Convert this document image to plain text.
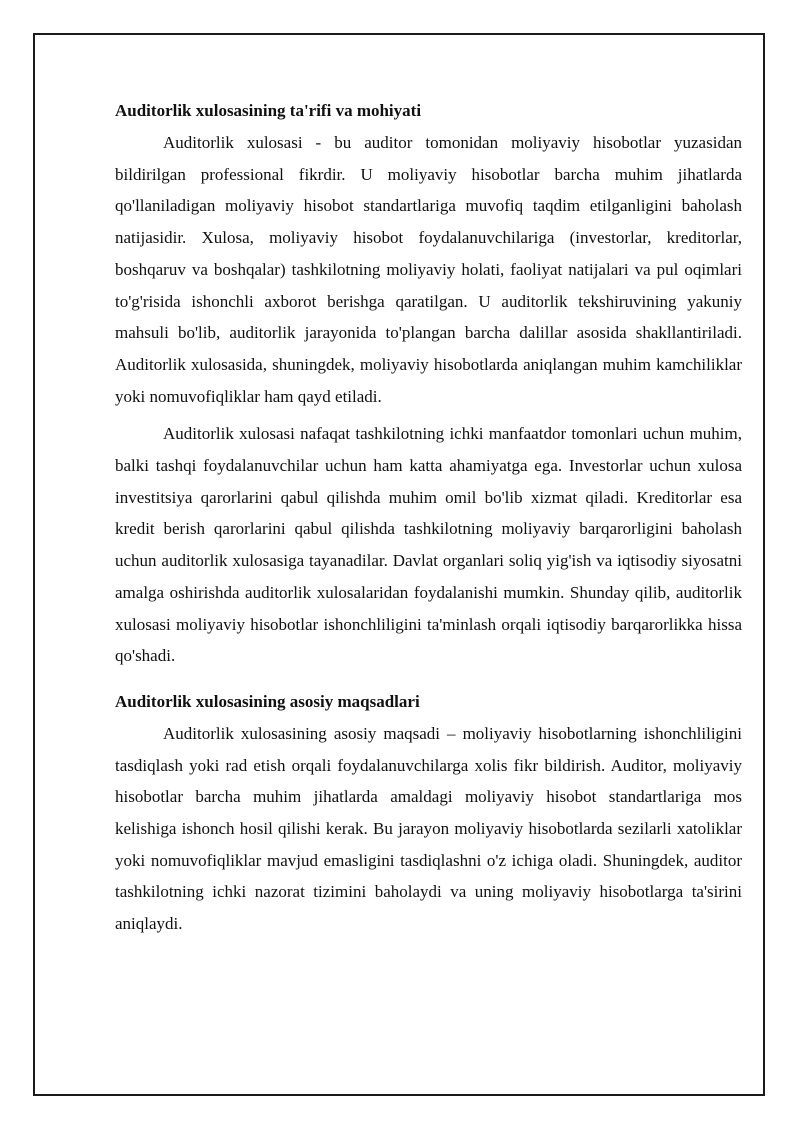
Auditorlik xulosasining ta'rifi va mohiyati

Auditorlik xulosasi - bu auditor tomonidan moliyaviy hisobotlar yuzasidan bildirilgan professional fikrdir. U moliyaviy hisobotlar barcha muhim jihatlarda qo'llaniladigan moliyaviy hisobot standartlariga muvofiq taqdim etilganligini baholash natijasidir. Xulosa, moliyaviy hisobot foydalanuvchilariga (investorlar, kreditorlar, boshqaruv va boshqalar) tashkilotning moliyaviy holati, faoliyat natijalari va pul oqimlari to'g'risida ishonchli axborot berishga qaratilgan. U auditorlik tekshiruvining yakuniy mahsuli bo'lib, auditorlik jarayonida to'plangan barcha dalillar asosida shakllantiriladi. Auditorlik xulosasida, shuningdek, moliyaviy hisobotlarda aniqlangan muhim kamchiliklar yoki nomuvofiqliklar ham qayd etiladi.

Auditorlik xulosasi nafaqat tashkilotning ichki manfaatdor tomonlari uchun muhim, balki tashqi foydalanuvchilar uchun ham katta ahamiyatga ega. Investorlar uchun xulosa investitsiya qarorlarini qabul qilishda muhim omil bo'lib xizmat qiladi. Kreditorlar esa kredit berish qarorlarini qabul qilishda tashkilotning moliyaviy barqarorligini baholash uchun auditorlik xulosasiga tayanadilar. Davlat organlari soliq yig'ish va iqtisodiy siyosatni amalga oshirishda auditorlik xulosalaridan foydalanishi mumkin. Shunday qilib, auditorlik xulosasi moliyaviy hisobotlar ishonchliligini ta'minlash orqali iqtisodiy barqarorlikka hissa qo'shadi.

Auditorlik xulosasining asosiy maqsadlari

Auditorlik xulosasining asosiy maqsadi – moliyaviy hisobotlarning ishonchliligini tasdiqlash yoki rad etish orqali foydalanuvchilarga xolis fikr bildirish. Auditor, moliyaviy hisobotlar barcha muhim jihatlarda amaldagi moliyaviy hisobot standartlariga mos kelishiga ishonch hosil qilishi kerak. Bu jarayon moliyaviy hisobotlarda sezilarli xatoliklar yoki nomuvofiqliklar mavjud emasligini tasdiqlashni o'z ichiga oladi. Shuningdek, auditor tashkilotning ichki nazorat tizimini baholaydi va uning moliyaviy hisobotlarga ta'sirini aniqlaydi.
